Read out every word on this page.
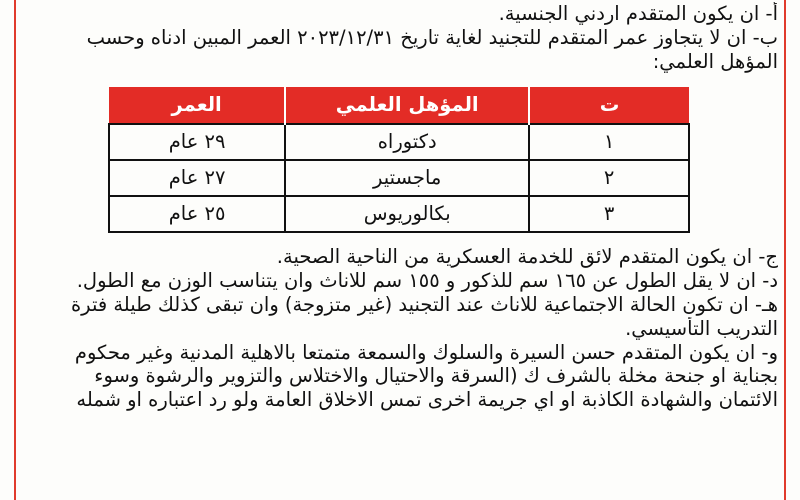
أ- ان يكون المتقدم اردني الجنسية.
ب- ان لا يتجاوز عمر المتقدم للتجنيد لغاية تاريخ ٢٠٢٣/١٢/٣١ العمر المبين ادناه وحسب
المؤهل العلمي:
ت	المؤهل العلمي	العمر
١	دكتوراه	٢٩ عام
٢	ماجستير	٢٧ عام
٣	بكالوريوس	٢٥ عام
ج- ان يكون المتقدم لائق للخدمة العسكرية من الناحية الصحية.
د- ان لا يقل الطول عن ١٦٥ سم للذكور و ١٥٥ سم للاناث وان يتناسب الوزن مع الطول.
هـ- ان تكون الحالة الاجتماعية للاناث عند التجنيد (غير متزوجة) وان تبقى كذلك طيلة فترة
التدريب التأسيسي.
و- ان يكون المتقدم حسن السيرة والسلوك والسمعة متمتعا بالاهلية المدنية وغير محكوم
بجناية او جنحة مخلة بالشرف ك (السرقة والاحتيال والاختلاس والتزوير والرشوة وسوء
الائتمان والشهادة الكاذبة او اي جريمة اخرى تمس الاخلاق العامة ولو رد اعتباره او شمله
